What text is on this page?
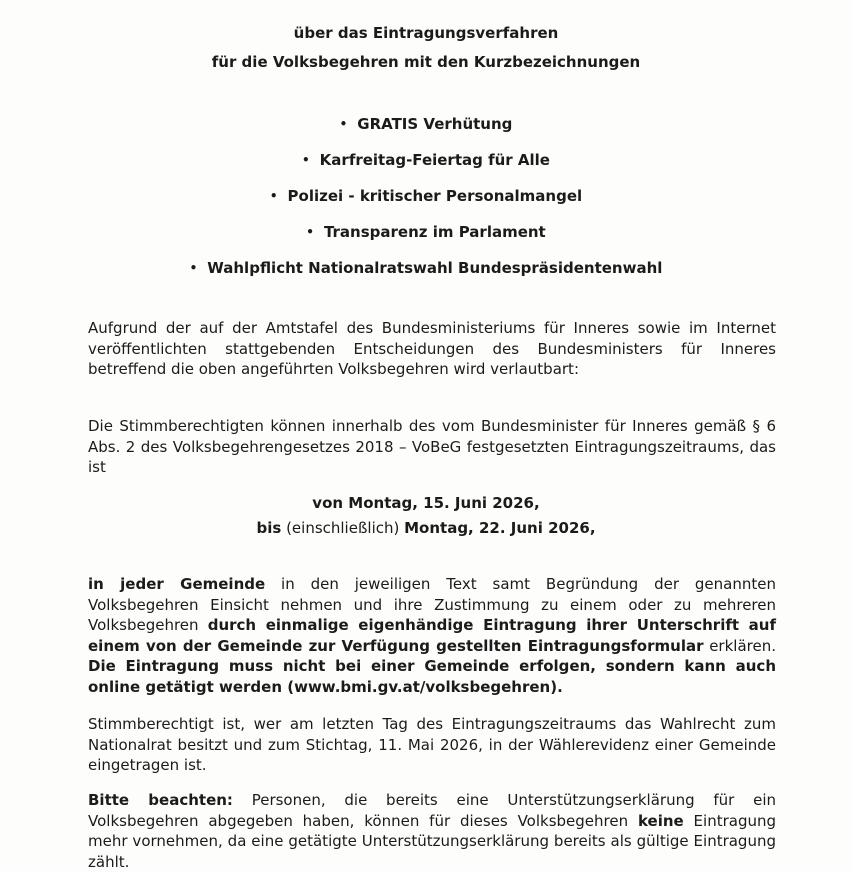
über das Eintragungsverfahren
für die Volksbegehren mit den Kurzbezeichnungen
• GRATIS Verhütung
• Karfreitag-Feiertag für Alle
• Polizei - kritischer Personalmangel
• Transparenz im Parlament
• Wahlpflicht Nationalratswahl Bundespräsidentenwahl
Aufgrund der auf der Amtstafel des Bundesministeriums für Inneres sowie im Internet veröffentlichten stattgebenden Entscheidungen des Bundesministers für Inneres betreffend die oben angeführten Volksbegehren wird verlautbart:
Die Stimmberechtigten können innerhalb des vom Bundesminister für Inneres gemäß § 6 Abs. 2 des Volksbegehrengesetzes 2018 – VoBeG festgesetzten Eintragungszeitraums, das ist
von Montag, 15. Juni 2026,
bis (einschließlich) Montag, 22. Juni 2026,
in jeder Gemeinde in den jeweiligen Text samt Begründung der genannten Volksbegehren Einsicht nehmen und ihre Zustimmung zu einem oder zu mehreren Volksbegehren durch einmalige eigenhändige Eintragung ihrer Unterschrift auf einem von der Gemeinde zur Verfügung gestellten Eintragungsformular erklären. Die Eintragung muss nicht bei einer Gemeinde erfolgen, sondern kann auch online getätigt werden (www.bmi.gv.at/volksbegehren).
Stimmberechtigt ist, wer am letzten Tag des Eintragungszeitraums das Wahlrecht zum Nationalrat besitzt und zum Stichtag, 11. Mai 2026, in der Wählerevidenz einer Gemeinde eingetragen ist.
Bitte beachten: Personen, die bereits eine Unterstützungserklärung für ein Volksbegehren abgegeben haben, können für dieses Volksbegehren keine Eintragung mehr vornehmen, da eine getätigte Unterstützungserklärung bereits als gültige Eintragung zählt.
